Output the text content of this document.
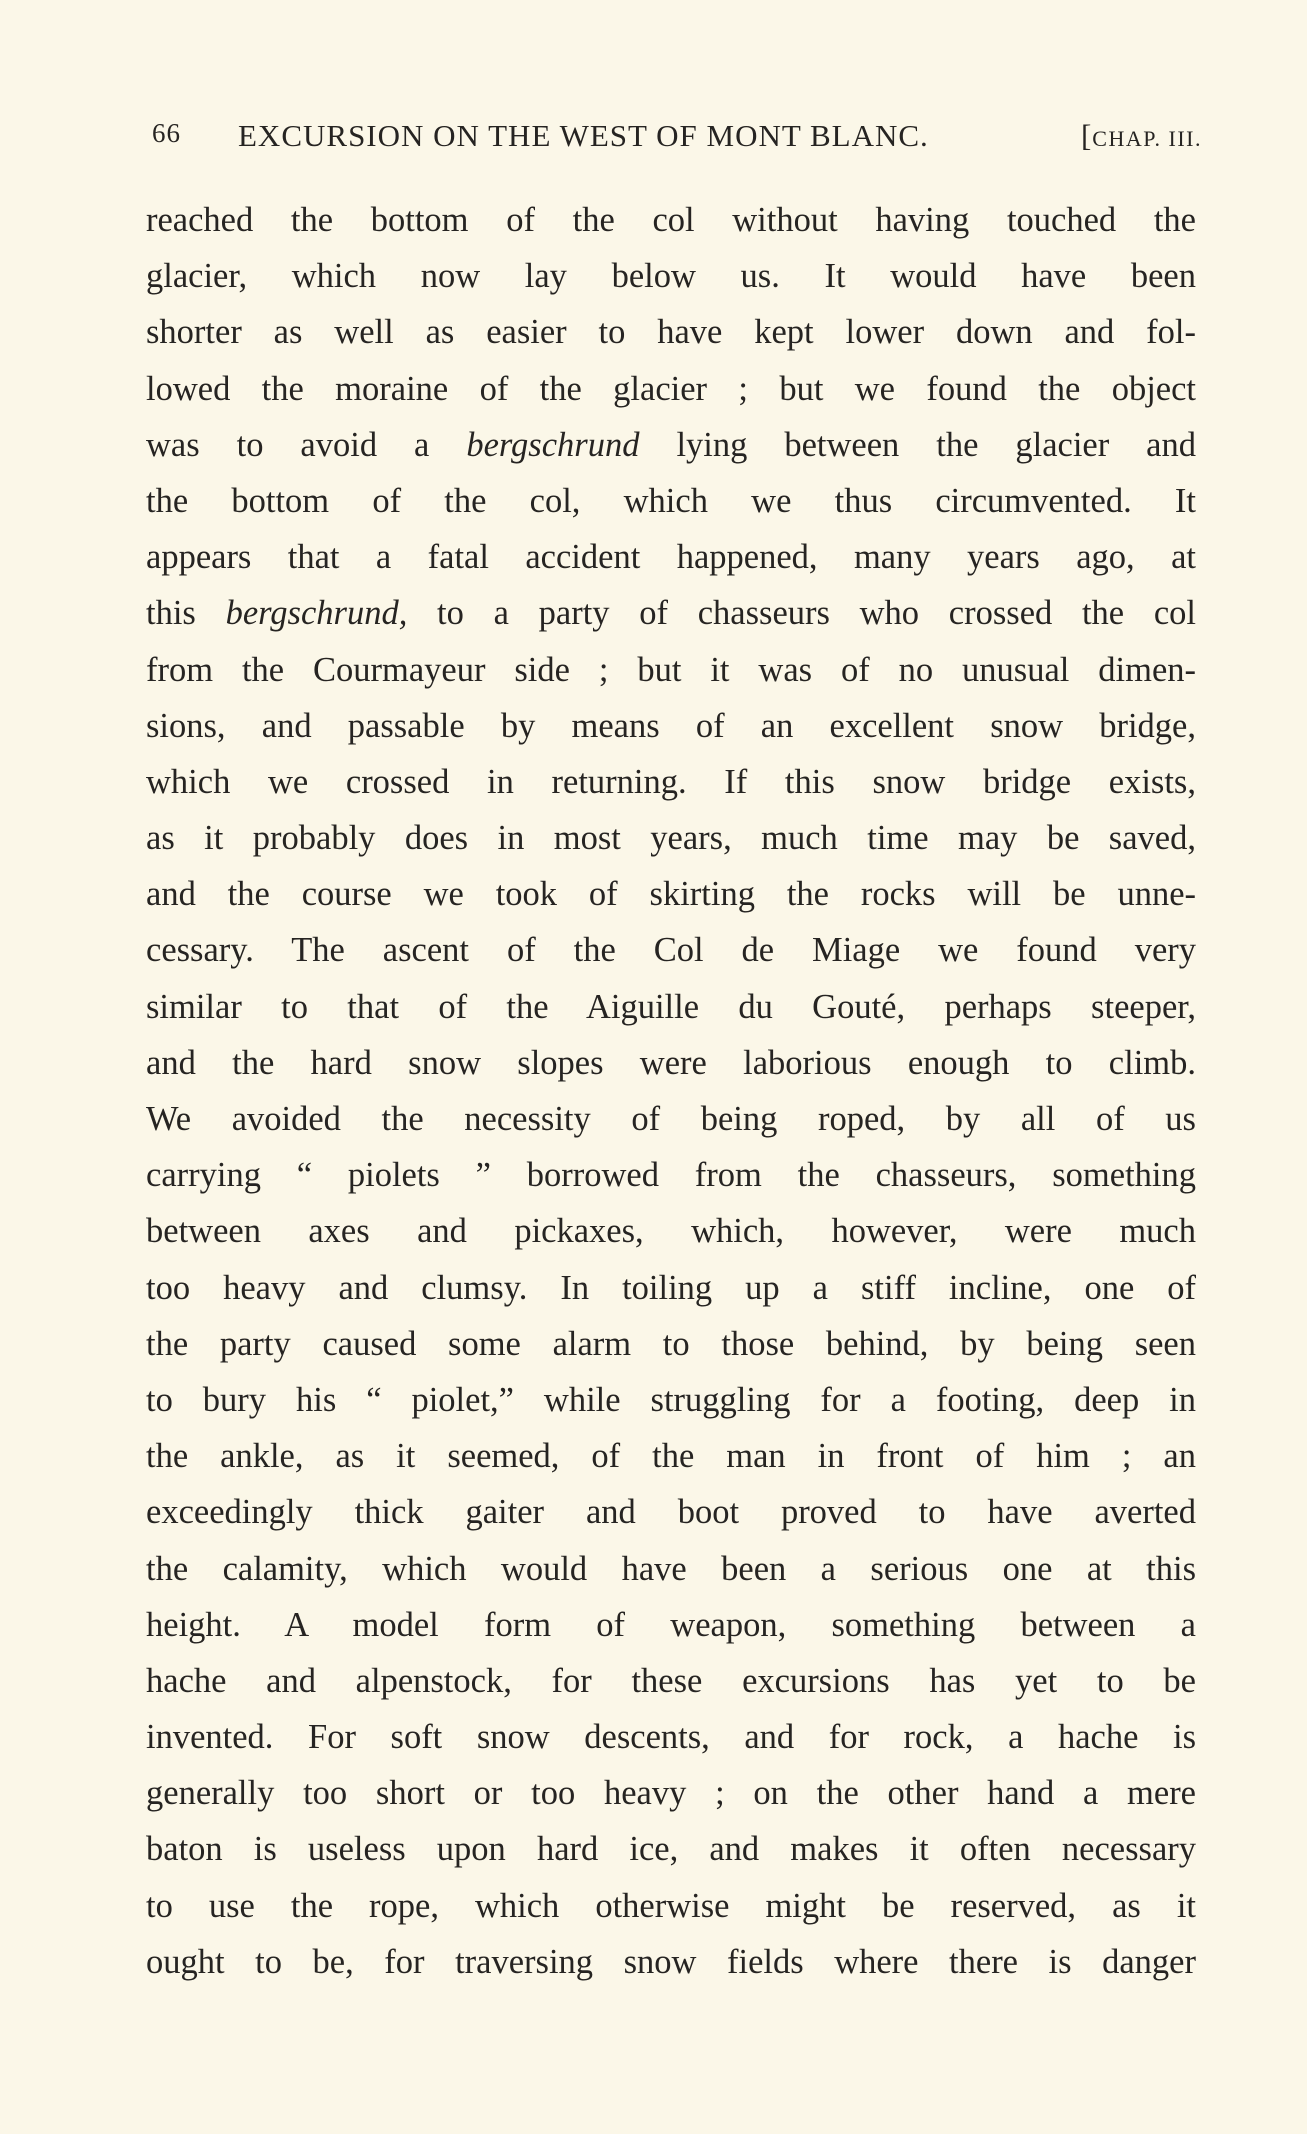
66 EXCURSION ON THE WEST OF MONT BLANC.	[CHAP. III.
reached the bottom of the col without having touched the
glacier, which now lay below us. It would have been
shorter as well as easier to have kept lower down and fol-
lowed the moraine of the glacier ; but we found the object
was to avoid a bergschrund lying between the glacier and
the bottom of the col, which we thus circumvented. It
appears that a fatal accident happened, many years ago, at
this bergschrund, to a party of chasseurs who crossed the col
from the Courmayeur side ; but it was of no unusual dimen-
sions, and passable by means of an excellent snow bridge,
which we crossed in returning. If this snow bridge exists,
as it probably does in most years, much time may be saved,
and the course we took of skirting the rocks will be unne-
cessary. The ascent of the Col de Miage we found very
similar to that of the Aiguille du Gouté, perhaps steeper,
and the hard snow slopes were laborious enough to climb.
We avoided the necessity of being roped, by all of us
carrying “ piolets ” borrowed from the chasseurs, something
between axes and pickaxes, which, however, were much
too heavy and clumsy. In toiling up a stiff incline, one of
the party caused some alarm to those behind, by being seen
to bury his “ piolet,” while struggling for a footing, deep in
the ankle, as it seemed, of the man in front of him ; an
exceedingly thick gaiter and boot proved to have averted
the calamity, which would have been a serious one at this
height. A model form of weapon, something between a
hache and alpenstock, for these excursions has yet to be
invented. For soft snow descents, and for rock, a hache is
generally too short or too heavy ; on the other hand a mere
baton is useless upon hard ice, and makes it often necessary
to use the rope, which otherwise might be reserved, as it
ought to be, for traversing snow fields where there is danger
